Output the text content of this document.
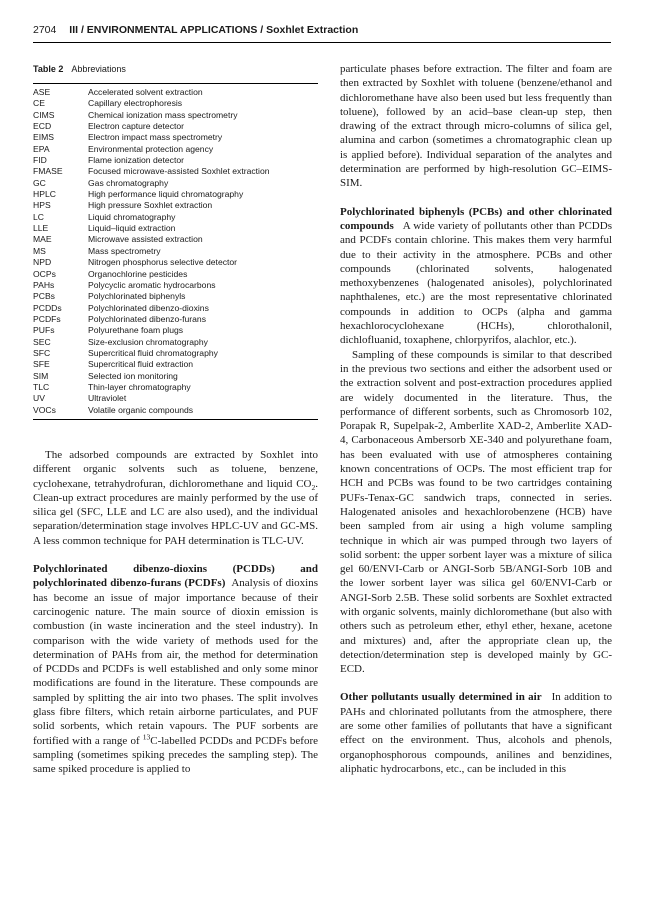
2704 III / ENVIRONMENTAL APPLICATIONS / Soxhlet Extraction
Table 2 Abbreviations
ASE	Accelerated solvent extraction
CE	Capillary electrophoresis
CIMS	Chemical ionization mass spectrometry
ECD	Electron capture detector
EIMS	Electron impact mass spectrometry
EPA	Environmental protection agency
FID	Flame ionization detector
FMASE	Focused microwave-assisted Soxhlet extraction
GC	Gas chromatography
HPLC	High performance liquid chromatography
HPS	High pressure Soxhlet extraction
LC	Liquid chromatography
LLE	Liquid–liquid extraction
MAE	Microwave assisted extraction
MS	Mass spectrometry
NPD	Nitrogen phosphorus selective detector
OCPs	Organochlorine pesticides
PAHs	Polycyclic aromatic hydrocarbons
PCBs	Polychlorinated biphenyls
PCDDs	Polychlorinated dibenzo-dioxins
PCDFs	Polychlorinated dibenzo-furans
PUFs	Polyurethane foam plugs
SEC	Size-exclusion chromatography
SFC	Supercritical fluid chromatography
SFE	Supercritical fluid extraction
SIM	Selected ion monitoring
TLC	Thin-layer chromatography
UV	Ultraviolet
VOCs	Volatile organic compounds

The adsorbed compounds are extracted by Soxhlet into different organic solvents such as toluene, benzene, cyclohexane, tetrahydrofuran, dichloromethane and liquid $CO_2$. Clean-up extract procedures are mainly performed by the use of silica gel (SFC, LLE and LC are also used), and the individual separation/determination stage involves HPLC-UV and GC-MS. A less common technique for PAH determination is TLC-UV.

Polychlorinated dibenzo-dioxins (PCDDs) and polychlorinated dibenzo-furans (PCDFs) Analysis of dioxins has become an issue of major importance because of their carcinogenic nature. The main source of dioxin emission is combustion (in waste incineration and the steel industry). In comparison with the wide variety of methods used for the determination of PAHs from air, the method for determination of PCDDs and PCDFs is well established and only some minor modifications are found in the literature. These compounds are sampled by splitting the air into two phases. The split involves glass fibre filters, which retain airborne particulates, and PUF solid sorbents, which retain vapours. The PUF sorbents are fortified with a range of $^{13}$C-labelled PCDDs and PCDFs before sampling (sometimes spiking precedes the sampling step). The same spiked procedure is applied to

particulate phases before extraction. The filter and foam are then extracted by Soxhlet with toluene (benzene/ethanol and dichloromethane have also been used but less frequently than toluene), followed by an acid–base clean-up step, then drawing of the extract through micro-columns of silica gel, alumina and carbon (sometimes a chromatographic clean up is applied before). Individual separation of the analytes and determination are performed by high-resolution GC–EIMS-SIM.

Polychlorinated biphenyls (PCBs) and other chlorinated compounds A wide variety of pollutants other than PCDDs and PCDFs contain chlorine. This makes them very harmful due to their activity in the atmosphere. PCBs and other compounds (chlorinated solvents, halogenated methoxybenzenes (halogenated anisoles), polychlorinated naphthalenes, etc.) are the most representative chlorinated compounds in addition to OCPs (alpha and gamma hexachlorocyclohexane (HCHs), chlorothalonil, dichlofluanid, toxaphene, chlorpyrifos, alachlor, etc.).

Sampling of these compounds is similar to that described in the previous two sections and either the adsorbent used or the extraction solvent and post-extraction procedures applied are widely documented in the literature. Thus, the performance of different sorbents, such as Chromosorb 102, Porapak R, Supelpak-2, Amberlite XAD-2, Amberlite XAD-4, Carbonaceous Ambersorb XE-340 and polyurethane foam, has been evaluated with use of atmospheres containing known concentrations of OCPs. The most efficient trap for HCH and PCBs was found to be two cartridges containing PUFs-Tenax-GC sandwich traps, connected in series. Halogenated anisoles and hexachlorobenzene (HCB) have been sampled from air using a high volume sampling technique in which air was pumped through two layers of solid sorbent: the upper sorbent layer was a mixture of silica gel 60/ENVI-Carb or ANGI-Sorb 5B/ANGI-Sorb 10B and the lower sorbent layer was silica gel 60/ENVI-Carb or ANGI-Sorb 2.5B. These solid sorbents are Soxhlet extracted with organic solvents, mainly dichloromethane (but also with others such as petroleum ether, ethyl ether, hexane, acetone and mixtures) and, after the appropriate clean up, the detection/determination step is developed mainly by GC-ECD.

Other pollutants usually determined in air In addition to PAHs and chlorinated pollutants from the atmosphere, there are some other families of pollutants that have a significant effect on the environment. Thus, alcohols and phenols, organophosphorous compounds, anilines and benzidines, aliphatic hydrocarbons, etc., can be included in this
